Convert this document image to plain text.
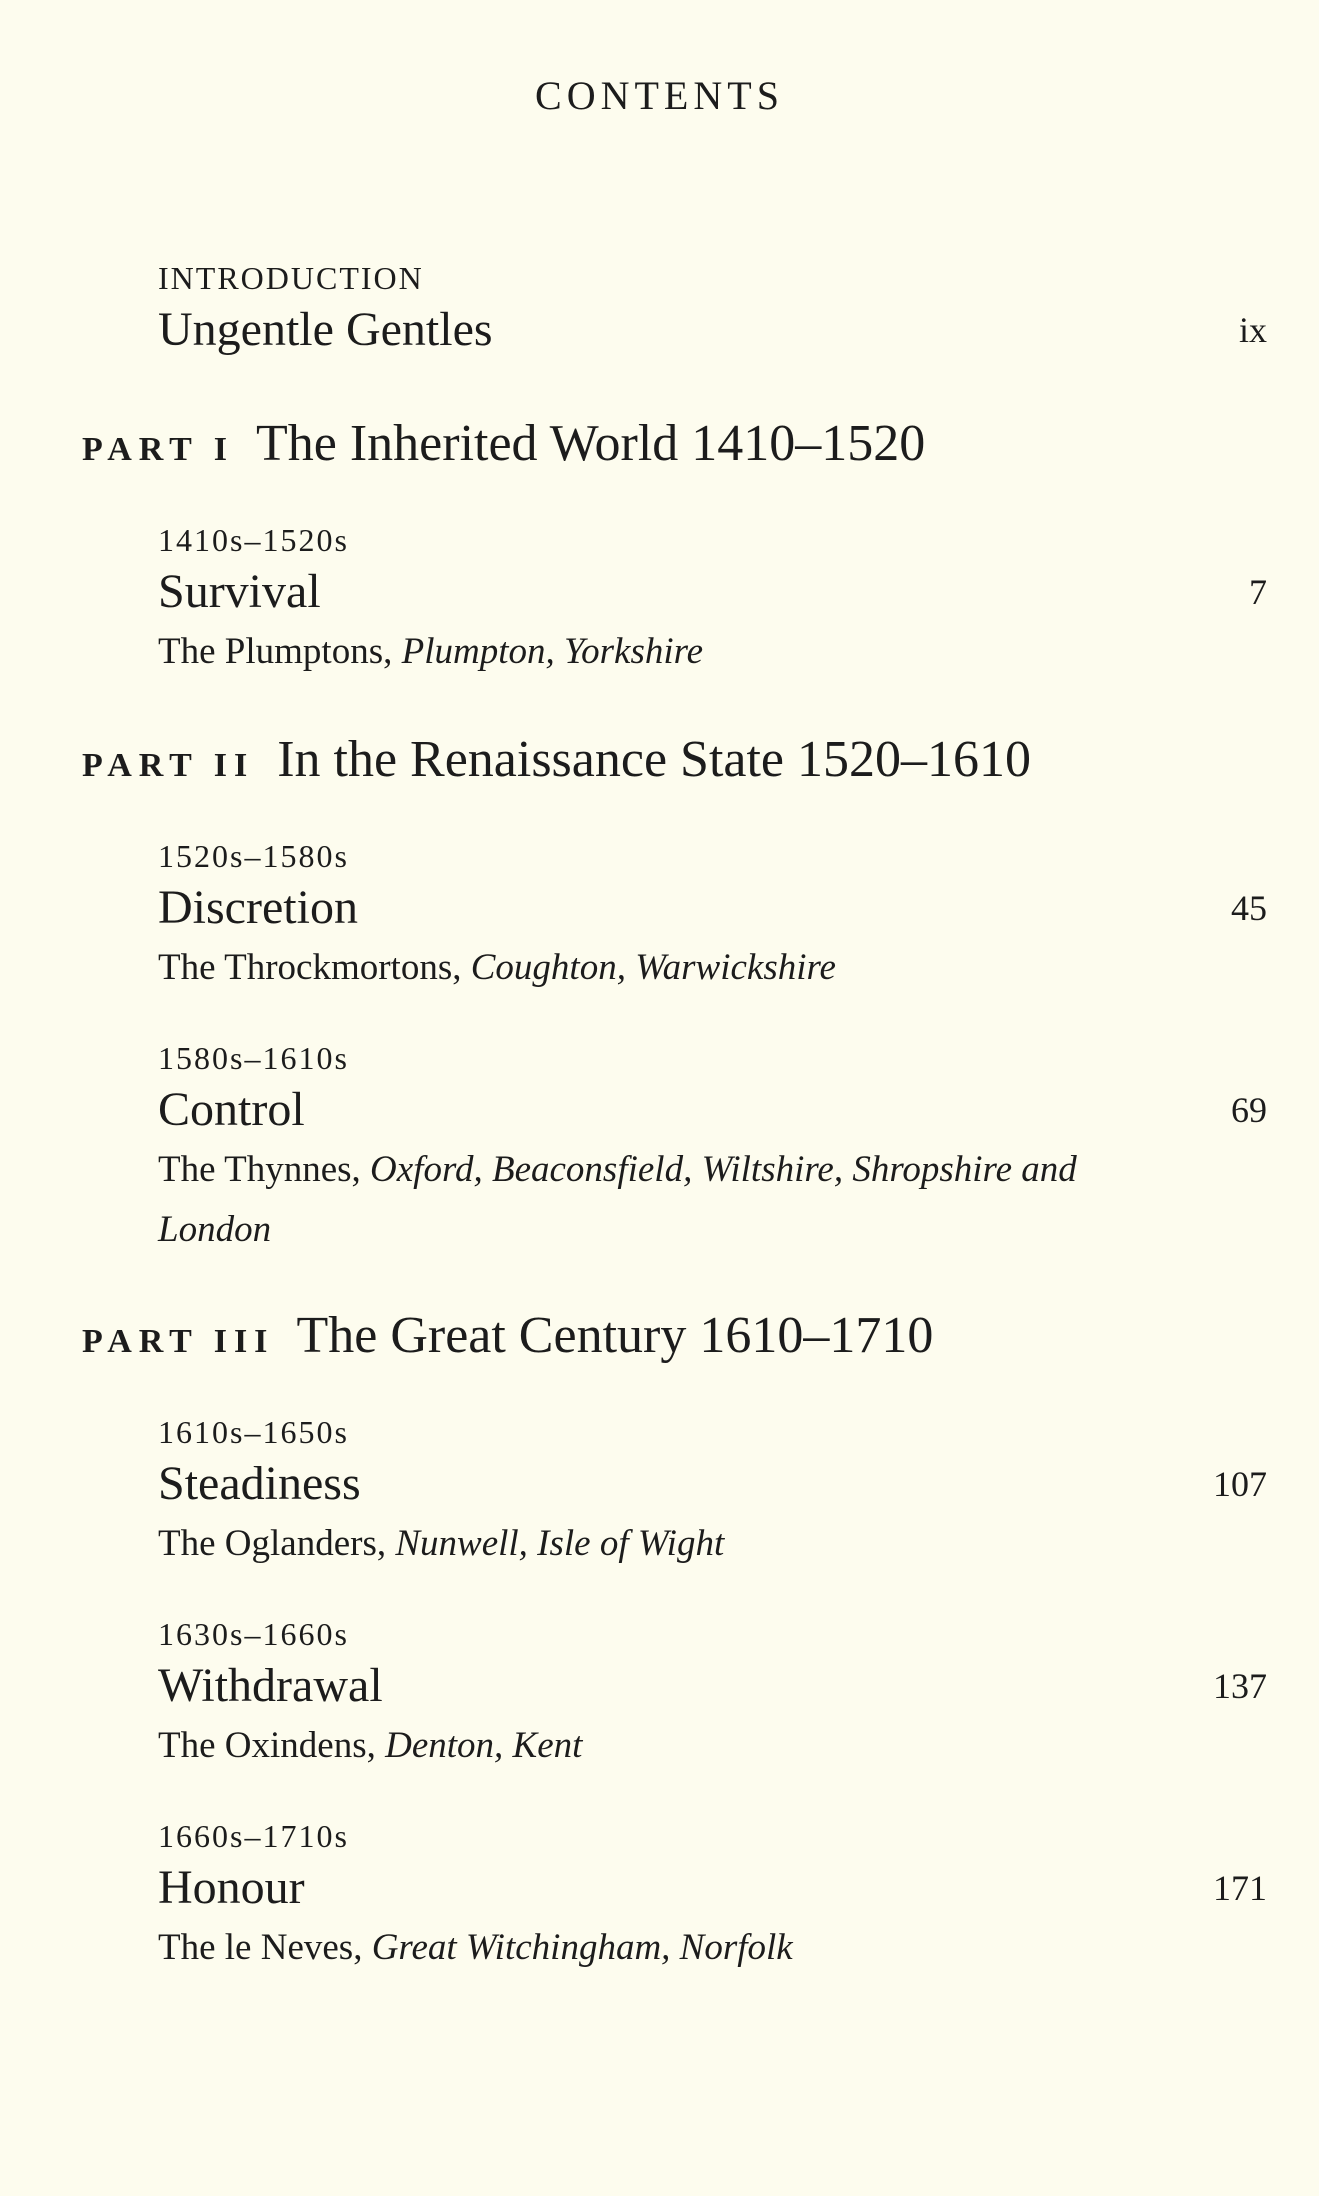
CONTENTS
INTRODUCTION
Ungentle Gentles	ix
PART I The Inherited World 1410–1520
1410s–1520s
Survival	7
The Plumptons, Plumpton, Yorkshire
PART II In the Renaissance State 1520–1610
1520s–1580s
Discretion	45
The Throckmortons, Coughton, Warwickshire
1580s–1610s
Control	69
The Thynnes, Oxford, Beaconsfield, Wiltshire, Shropshire and London
PART III The Great Century 1610–1710
1610s–1650s
Steadiness	107
The Oglanders, Nunwell, Isle of Wight
1630s–1660s
Withdrawal	137
The Oxindens, Denton, Kent
1660s–1710s
Honour	171
The le Neves, Great Witchingham, Norfolk
